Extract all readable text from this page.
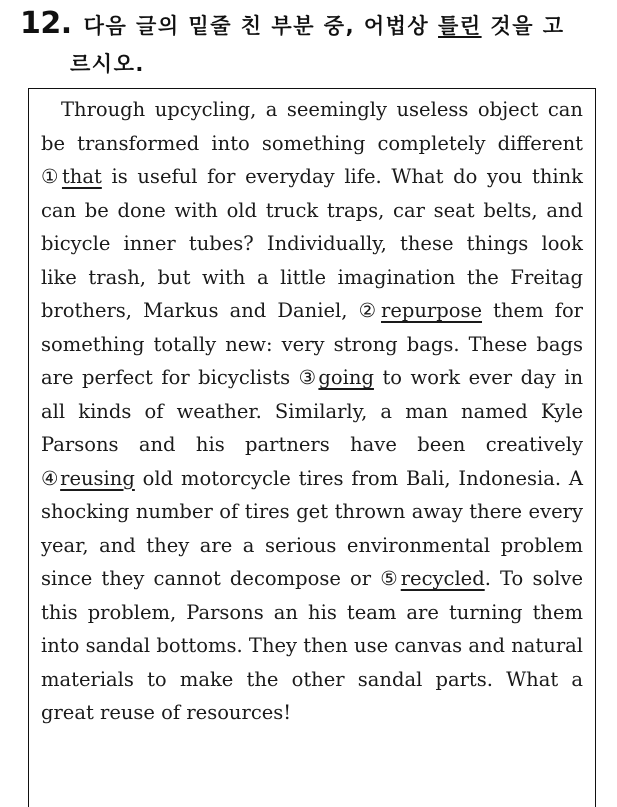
12. 다음 글의 밑줄 친 부분 중, 어법상 틀린 것을 고
르시오.

Through upcycling, a seemingly useless object can be transformed into something completely different ①that is useful for everyday life. What do you think can be done with old truck traps, car seat belts, and bicycle inner tubes? Individually, these things look like trash, but with a little imagination the Freitag brothers, Markus and Daniel, ②repurpose them for something totally new: very strong bags. These bags are perfect for bicyclists ③going to work ever day in all kinds of weather. Similarly, a man named Kyle Parsons and his partners have been creatively ④reusing old motorcycle tires from Bali, Indonesia. A shocking number of tires get thrown away there every year, and they are a serious environmental problem since they cannot decompose or ⑤recycled. To solve this problem, Parsons an his team are turning them into sandal bottoms. They then use canvas and natural materials to make the other sandal parts. What a great reuse of resources!
